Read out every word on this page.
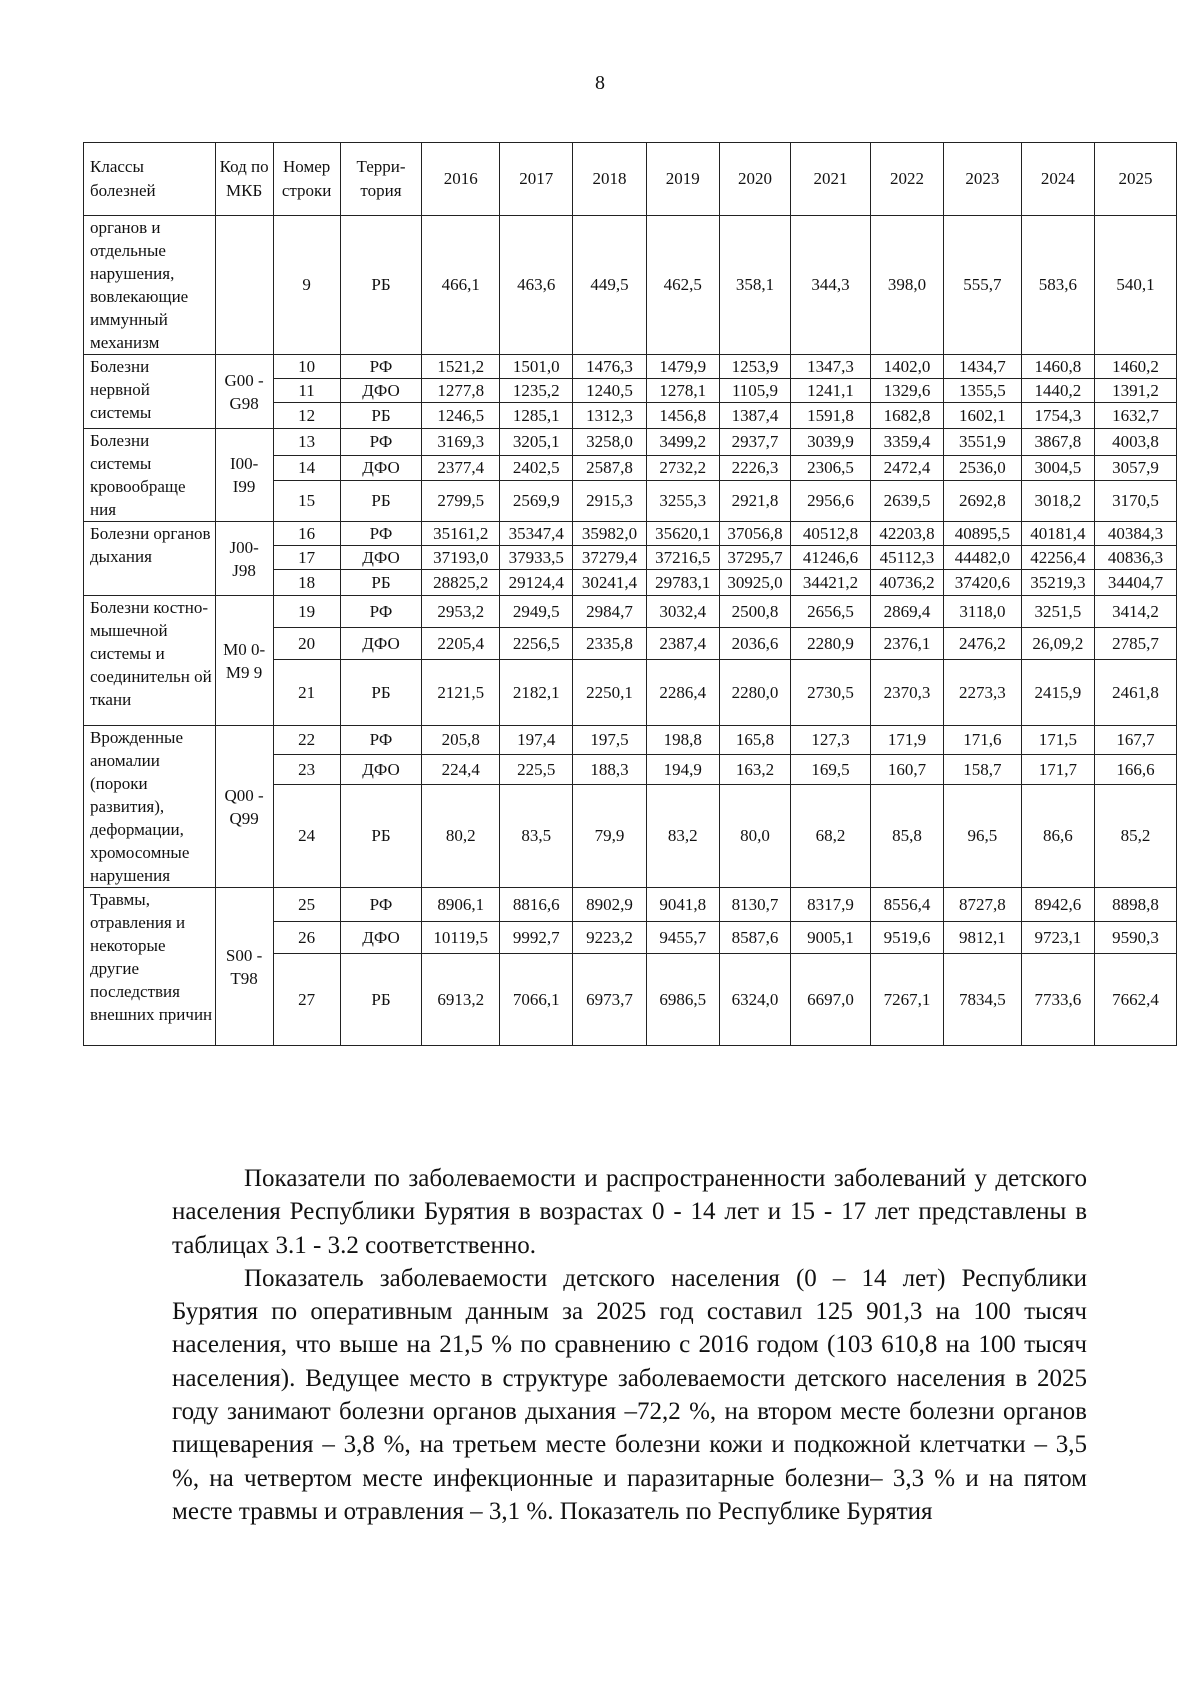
8
Классы болезней	Код по МКБ	Номер строки	Терри-тория	2016	2017	2018	2019	2020	2021	2022	2023	2024	2025
органов и отдельные нарушения, вовлекающие иммунный механизм		9	РБ	466,1	463,6	449,5	462,5	358,1	344,3	398,0	555,7	583,6	540,1
Болезни нервной системы	G00 - G98	10	РФ	1521,2	1501,0	1476,3	1479,9	1253,9	1347,3	1402,0	1434,7	1460,8	1460,2
		11	ДФО	1277,8	1235,2	1240,5	1278,1	1105,9	1241,1	1329,6	1355,5	1440,2	1391,2
		12	РБ	1246,5	1285,1	1312,3	1456,8	1387,4	1591,8	1682,8	1602,1	1754,3	1632,7
Болезни системы кровообраще ния	I00- I99	13	РФ	3169,3	3205,1	3258,0	3499,2	2937,7	3039,9	3359,4	3551,9	3867,8	4003,8
		14	ДФО	2377,4	2402,5	2587,8	2732,2	2226,3	2306,5	2472,4	2536,0	3004,5	3057,9
		15	РБ	2799,5	2569,9	2915,3	3255,3	2921,8	2956,6	2639,5	2692,8	3018,2	3170,5
Болезни органов дыхания	J00- J98	16	РФ	35161,2	35347,4	35982,0	35620,1	37056,8	40512,8	42203,8	40895,5	40181,4	40384,3
		17	ДФО	37193,0	37933,5	37279,4	37216,5	37295,7	41246,6	45112,3	44482,0	42256,4	40836,3
		18	РБ	28825,2	29124,4	30241,4	29783,1	30925,0	34421,2	40736,2	37420,6	35219,3	34404,7
Болезни костно- мышечной системы и соединительн ой ткани	М0 0- М9 9	19	РФ	2953,2	2949,5	2984,7	3032,4	2500,8	2656,5	2869,4	3118,0	3251,5	3414,2
		20	ДФО	2205,4	2256,5	2335,8	2387,4	2036,6	2280,9	2376,1	2476,2	26,09,2	2785,7
		21	РБ	2121,5	2182,1	2250,1	2286,4	2280,0	2730,5	2370,3	2273,3	2415,9	2461,8
Врожденные аномалии (пороки развития), деформации, хромосомные нарушения	Q00 - Q99	22	РФ	205,8	197,4	197,5	198,8	165,8	127,3	171,9	171,6	171,5	167,7
		23	ДФО	224,4	225,5	188,3	194,9	163,2	169,5	160,7	158,7	171,7	166,6
		24	РБ	80,2	83,5	79,9	83,2	80,0	68,2	85,8	96,5	86,6	85,2
Травмы, отравления и некоторые другие последствия внешних причин	S00 - T98	25	РФ	8906,1	8816,6	8902,9	9041,8	8130,7	8317,9	8556,4	8727,8	8942,6	8898,8
		26	ДФО	10119,5	9992,7	9223,2	9455,7	8587,6	9005,1	9519,6	9812,1	9723,1	9590,3
		27	РБ	6913,2	7066,1	6973,7	6986,5	6324,0	6697,0	7267,1	7834,5	7733,6	7662,4

Показатели по заболеваемости и распространенности заболеваний у детского населения Республики Бурятия в возрастах 0 - 14 лет и 15 - 17 лет представлены в таблицах 3.1 - 3.2 соответственно.

Показатель заболеваемости детского населения (0 – 14 лет) Республики Бурятия по оперативным данным за 2025 год составил 125 901,3 на 100 тысяч населения, что выше на 21,5 % по сравнению с 2016 годом (103 610,8 на 100 тысяч населения). Ведущее место в структуре заболеваемости детского населения в 2025 году занимают болезни органов дыхания –72,2 %, на втором месте болезни органов пищеварения – 3,8 %, на третьем месте болезни кожи и подкожной клетчатки – 3,5 %, на четвертом месте инфекционные и паразитарные болезни– 3,3 % и на пятом месте травмы и отравления – 3,1 %. Показатель по Республике Бурятия
